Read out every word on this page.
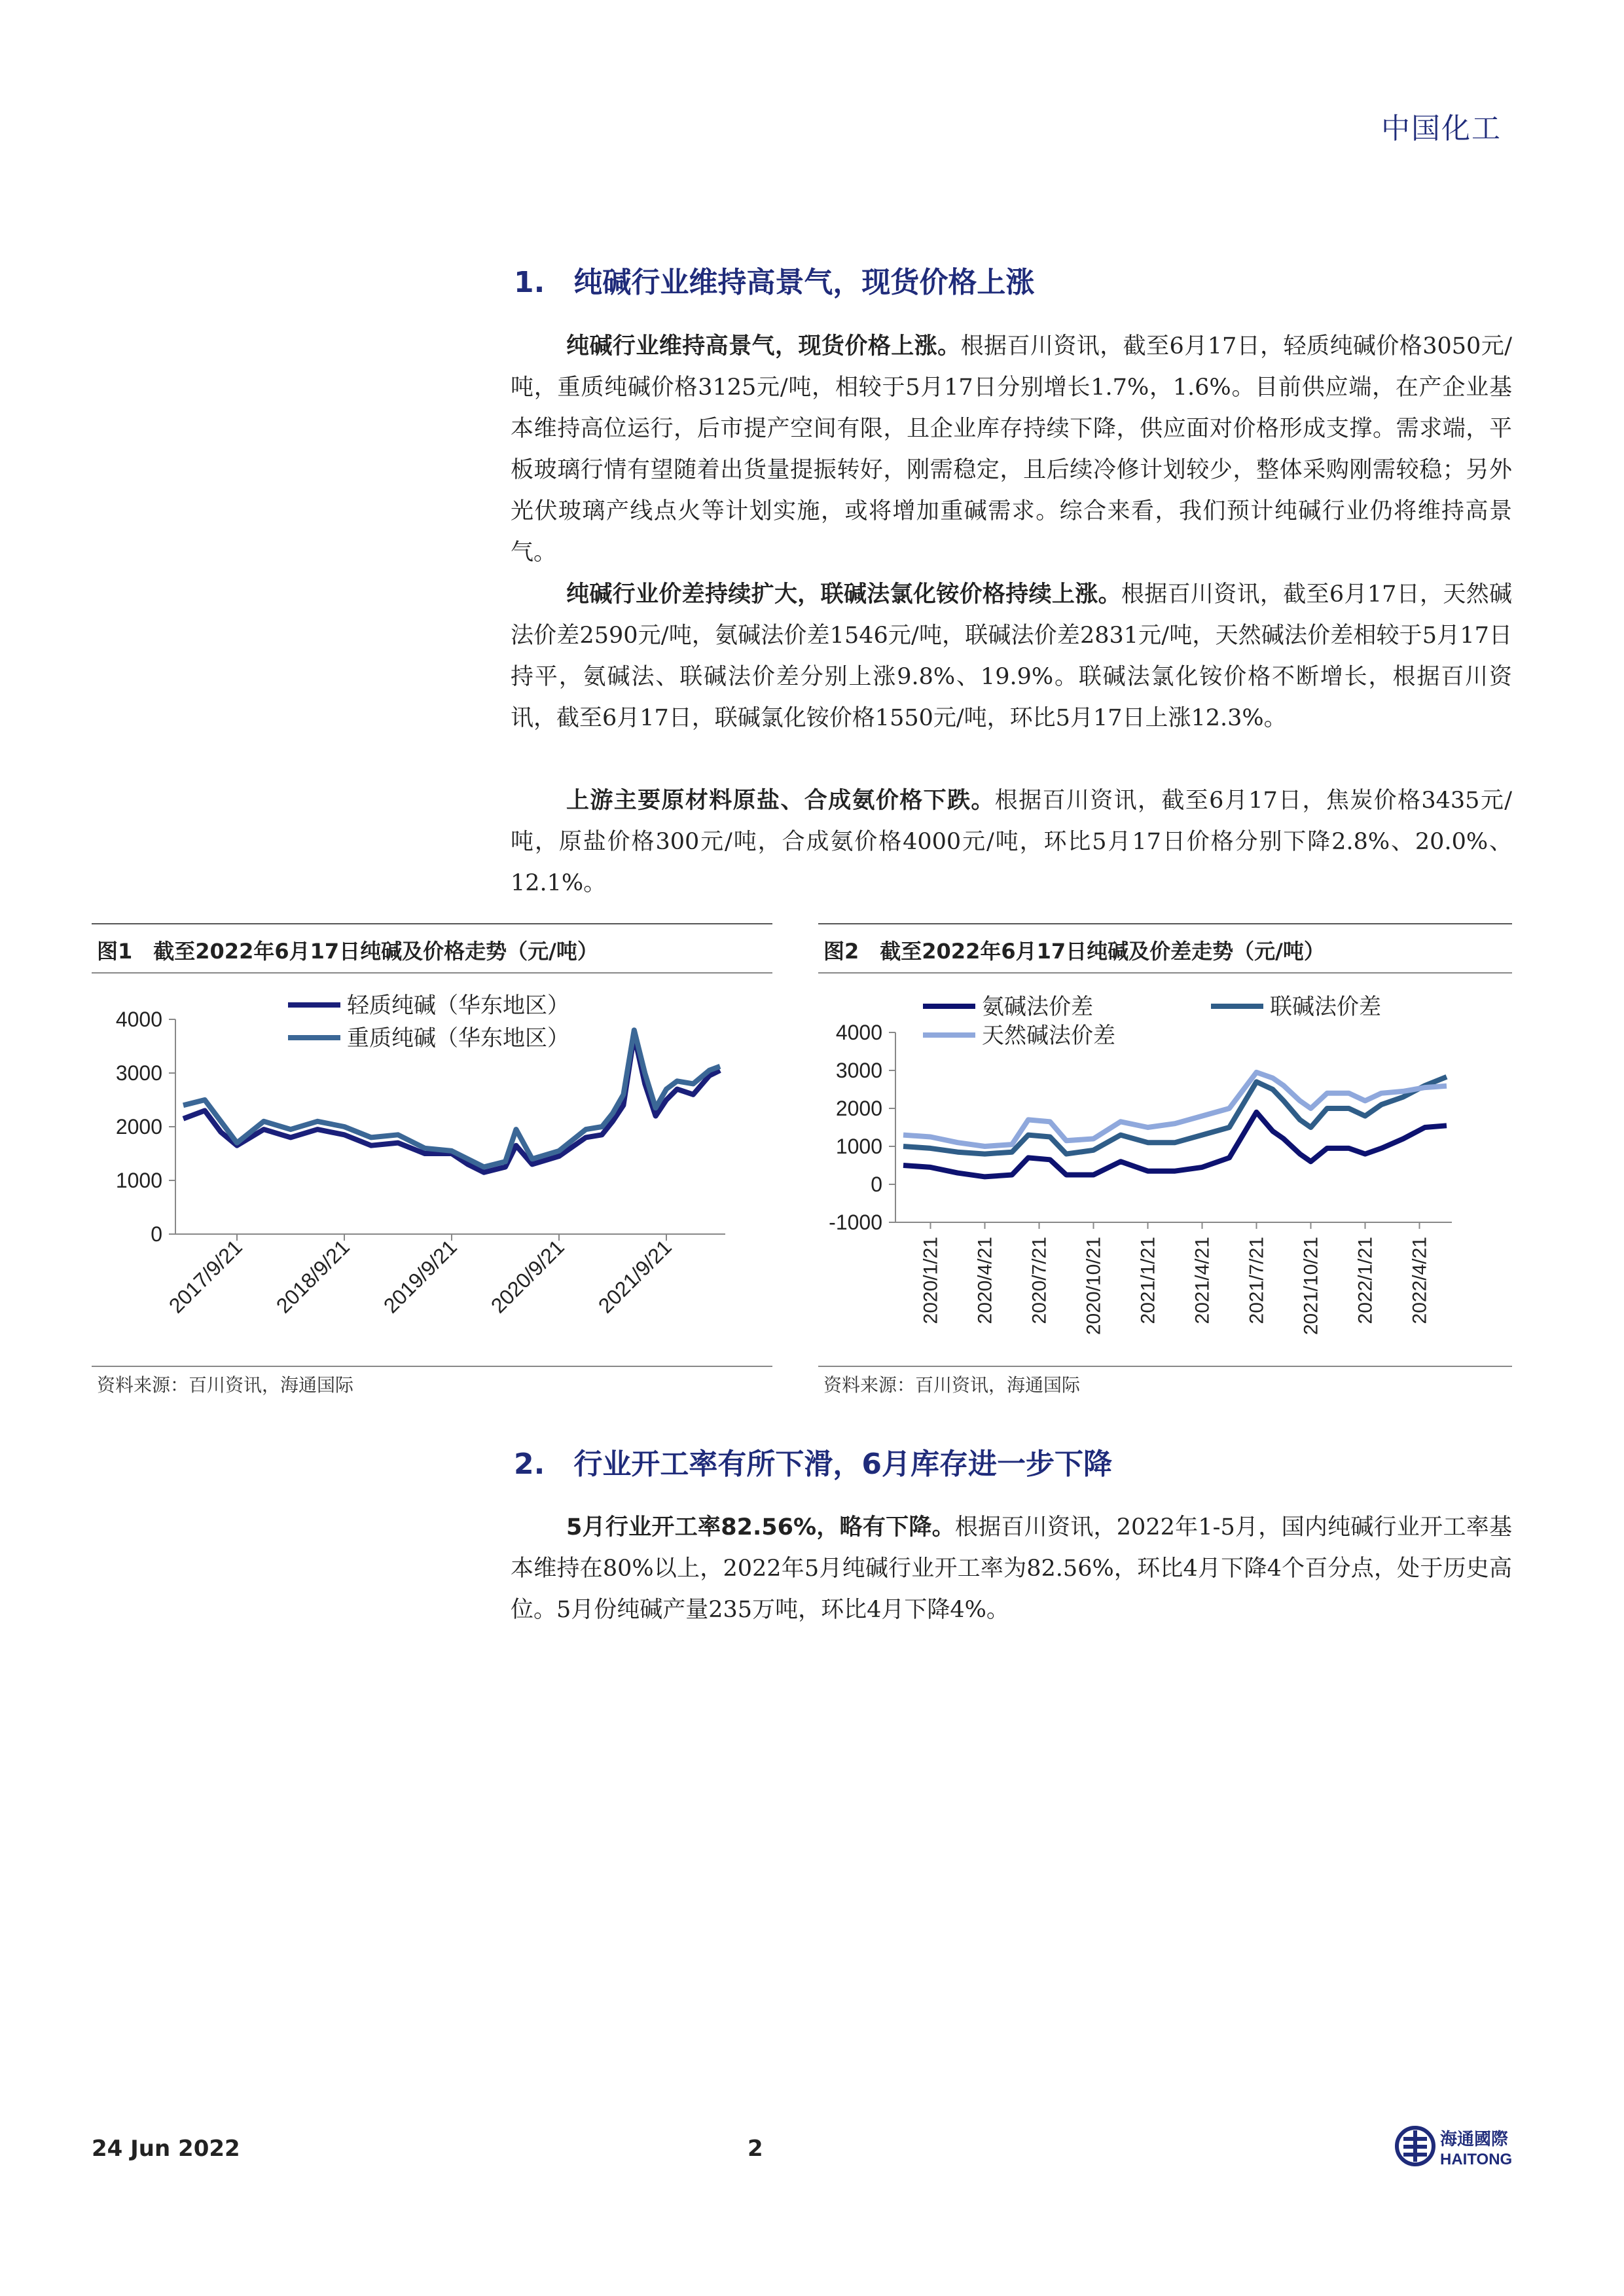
中国化工
1.　纯碱行业维持高景气，现货价格上涨
纯碱行业维持高景气，现货价格上涨。根据百川资讯，截至6月17日，轻质纯碱价格3050元/吨，重质纯碱价格3125元/吨，相较于5月17日分别增长1.7%，1.6%。目前供应端，在产企业基本维持高位运行，后市提产空间有限，且企业库存持续下降，供应面对价格形成支撑。需求端，平板玻璃行情有望随着出货量提振转好，刚需稳定，且后续冷修计划较少，整体采购刚需较稳；另外光伏玻璃产线点火等计划实施，或将增加重碱需求。综合来看，我们预计纯碱行业仍将维持高景气。
纯碱行业价差持续扩大，联碱法氯化铵价格持续上涨。根据百川资讯，截至6月17日，天然碱法价差2590元/吨，氨碱法价差1546元/吨，联碱法价差2831元/吨，天然碱法价差相较于5月17日持平，氨碱法、联碱法价差分别上涨9.8%、19.9%。联碱法氯化铵价格不断增长，根据百川资讯，截至6月17日，联碱氯化铵价格1550元/吨，环比5月17日上涨12.3%。
上游主要原材料原盐、合成氨价格下跌。根据百川资讯，截至6月17日，焦炭价格3435元/吨，原盐价格300元/吨，合成氨价格4000元/吨，环比5月17日价格分别下降2.8%、20.0%、12.1%。
图1　截至2022年6月17日纯碱及价格走势（元/吨）
0
1000
2000
3000
4000
2017/9/21 2018/9/21 2019/9/21 2020/9/21 2021/9/21
轻质纯碱（华东地区）
重质纯碱（华东地区）
资料来源：百川资讯，海通国际
图2　截至2022年6月17日纯碱及价差走势（元/吨）
-1000
0
1000
2000
3000
4000
2020/1/21 2020/4/21 2020/7/21 2020/10/21 2021/1/21 2021/4/21 2021/7/21 2021/10/21 2022/1/21 2022/4/21
氨碱法价差	联碱法价差
天然碱法价差
资料来源：百川资讯，海通国际
2.　行业开工率有所下滑，6月库存进一步下降
5月行业开工率82.56%，略有下降。根据百川资讯，2022年1-5月，国内纯碱行业开工率基本维持在80%以上，2022年5月纯碱行业开工率为82.56%，环比4月下降4个百分点，处于历史高位。5月份纯碱产量235万吨，环比4月下降4%。
24 Jun 2022	2	海通國際
HAITONG
